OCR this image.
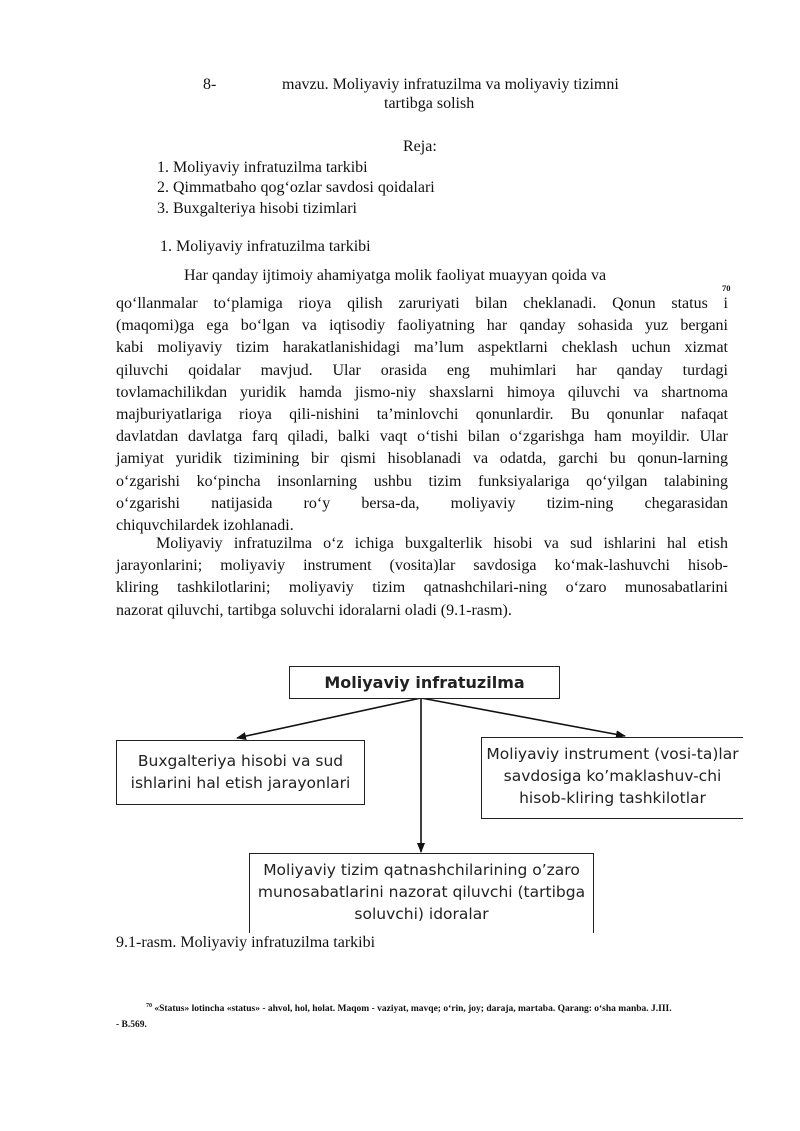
8-	mavzu. Moliyaviy infratuzilma va moliyaviy tizimni
tartibga solish
Reja:
1. Moliyaviy infratuzilma tarkibi
2. Qimmatbaho qog‘ozlar savdosi qoidalari
3. Buxgalteriya hisobi tizimlari
1. Moliyaviy infratuzilma tarkibi
Har qanday ijtimoiy ahamiyatga molik faoliyat muayyan qoida va
70
qo‘llanmalar to‘plamiga rioya qilish zaruriyati bilan cheklanadi. Qonun status i
(maqomi)ga ega bo‘lgan va iqtisodiy faoliyatning har qanday sohasida yuz bergani
kabi moliyaviy tizim harakatlanishidagi ma’lum aspektlarni cheklash uchun xizmat
qiluvchi qoidalar mavjud. Ular orasida eng muhimlari har qanday turdagi
tovlamachilikdan yuridik hamda jismo-niy shaxslarni himoya qiluvchi va shartnoma
majburiyatlariga rioya qili-nishini ta’minlovchi qonunlardir. Bu qonunlar nafaqat
davlatdan davlatga farq qiladi, balki vaqt o‘tishi bilan o‘zgarishga ham moyildir. Ular
jamiyat yuridik tizimining bir qismi hisoblanadi va odatda, garchi bu qonun-larning
o‘zgarishi ko‘pincha insonlarning ushbu tizim funksiyalariga qo‘yilgan talabining
o‘zgarishi natijasida ro‘y bersa-da, moliyaviy tizim-ning chegarasidan
chiquvchilardek izohlanadi.
Moliyaviy infratuzilma o‘z ichiga buxgalterlik hisobi va sud ishlarini hal etish
jarayonlarini; moliyaviy instrument (vosita)lar savdosiga ko‘mak-lashuvchi hisob-
kliring tashkilotlarini; moliyaviy tizim qatnashchilari-ning o‘zaro munosabatlarini
nazorat qiluvchi, tartibga soluvchi idoralarni oladi (9.1-rasm).
Moliyaviy infratuzilma
Buxgalteriya hisobi va sud
ishlarini hal etish jarayonlari
Moliyaviy instrument (vosi-ta)lar
savdosiga ko’maklashuv-chi
hisob-kliring tashkilotlar
Moliyaviy tizim qatnashchilarining o’zaro
munosabatlarini nazorat qiluvchi (tartibga
soluvchi) idoralar
9.1-rasm. Moliyaviy infratuzilma tarkibi
$^{70}$ «Status» lotincha «status» - ahvol, hol, holat. Maqom - vaziyat, mavqe; o‘rin, joy; daraja, martaba. Qarang: o‘sha manba. J.III.
- B.569.
